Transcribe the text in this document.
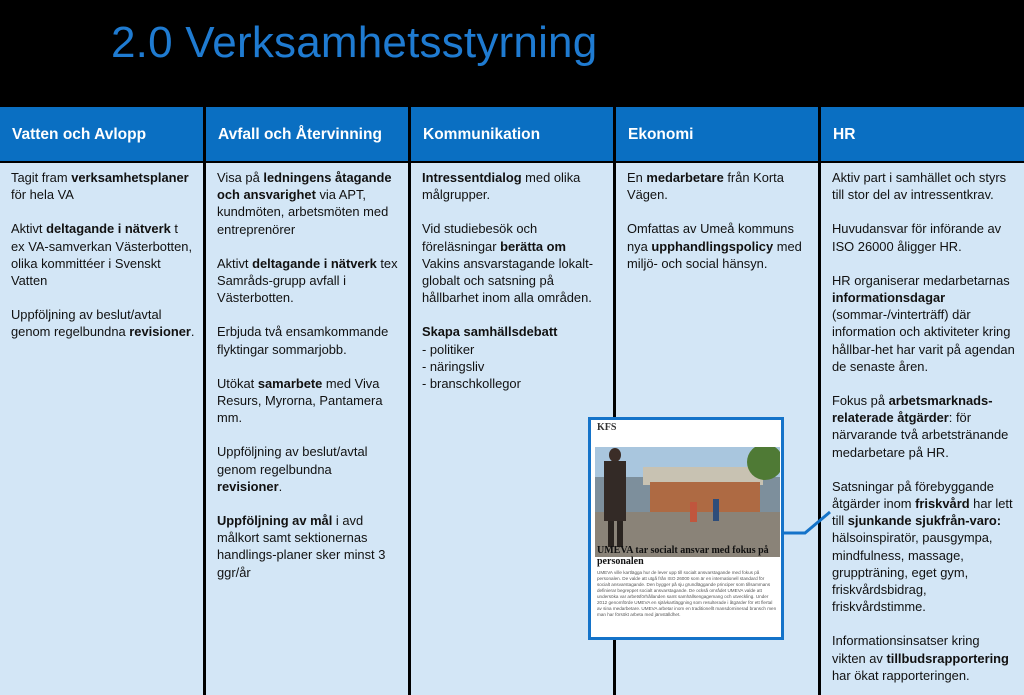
2.0 Verksamhetsstyrning
Vatten och Avlopp

Tagit fram verksamhetsplaner för hela VA

Aktivt deltagande i nätverk t ex VA-samverkan Västerbotten, olika kommittéer i Svenskt Vatten

Uppföljning av beslut/avtal genom regelbundna revisioner.

Avfall och Återvinning

Visa på ledningens åtagande och ansvarighet via APT, kundmöten, arbetsmöten med entreprenörer

Aktivt deltagande i nätverk tex Samråds-grupp avfall i Västerbotten.

Erbjuda två ensamkommande flyktingar sommarjobb.

Utökat samarbete med Viva Resurs, Myrorna, Pantamera mm.

Uppföljning av beslut/avtal genom regelbundna revisioner.

Uppföljning av mål i avd målkort samt sektionernas handlings-planer sker minst 3 ggr/år

Kommunikation

Intressentdialog med olika målgrupper.

Vid studiebesök och föreläsningar berätta om Vakins ansvarstagande lokalt-globalt och satsning på hållbarhet inom alla områden.

Skapa samhällsdebatt
- politiker
- näringsliv
- branschkollegor

Ekonomi

En medarbetare från Korta Vägen.

Omfattas av Umeå kommuns nya upphandlingspolicy med miljö- och social hänsyn.

HR

Aktiv part i samhället och styrs till stor del av intressentkrav.

Huvudansvar för införande av ISO 26000 åligger HR.

HR organiserar medarbetarnas informationsdagar (sommar-/vinterträff) där information och aktiviteter kring hållbar-het har varit på agendan de senaste åren.

Fokus på arbetsmarknads-relaterade åtgärder: för närvarande två arbetstränande medarbetare på HR.

Satsningar på förebyggande åtgärder inom friskvård har lett till sjunkande sjukfrån-varo: hälsoinspiratör, pausgympa, mindfulness, massage, gruppträning, eget gym, friskvårdsbidrag, friskvårdstimme.

Informationsinsatser kring vikten av tillbudsrapportering har ökat rapporteringen.

KFS
UMEVA tar socialt ansvar med fokus på personalen
UMEVA ville kartlägga hur de lever upp till socialt ansvarstagande med fokus på personalen. De valde att utgå från ISO 26000 som är en internationell standard för socialt ansvarstagande. Den bygger på sju grundläggande principer som tillsammans definierar begreppet socialt ansvarstagande. De också området UMEVA valde att undersöka var arbetsförhållanden samt samhällsengagemang och utveckling. Under 2012 genomförde UMEVA en självkartläggning som resulterade i åtgärder för ett flertal av sina medarbetare. UMEVA arbetar inom en traditionellt mansdominerad bransch men man har försökt arbeta med jämställdhet.
